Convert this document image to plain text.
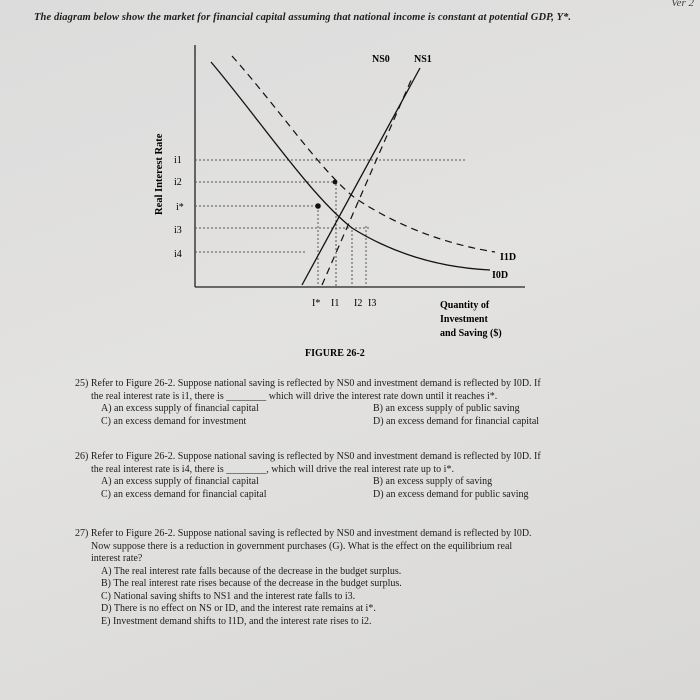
Ver 2
The diagram below show the market for financial capital assuming that national income is constant at potential GDP, Y*.
Real Interest Rate i1
i2
i*
i3
i4
I* I1 I2 I3
NS0 NS1
I1D
I0D
Quantity of
Investment
and Saving ($)
FIGURE 26-2
25) Refer to Figure 26-2. Suppose national saving is reflected by NS0 and investment demand is reflected by I0D. If
the real interest rate is i1, there is ________ which will drive the interest rate down until it reaches i*.
A) an excess supply of financial capital
C) an excess demand for investment
B) an excess supply of public saving
D) an excess demand for financial capital
26) Refer to Figure 26-2. Suppose national saving is reflected by NS0 and investment demand is reflected by I0D. If
the real interest rate is i4, there is ________, which will drive the real interest rate up to i*.
A) an excess supply of financial capital
C) an excess demand for financial capital
B) an excess supply of saving
D) an excess demand for public saving
27) Refer to Figure 26-2. Suppose national saving is reflected by NS0 and investment demand is reflected by I0D.
Now suppose there is a reduction in government purchases (G). What is the effect on the equilibrium real
interest rate?
A) The real interest rate falls because of the decrease in the budget surplus.
B) The real interest rate rises because of the decrease in the budget surplus.
C) National saving shifts to NS1 and the interest rate falls to i3.
D) There is no effect on NS or ID, and the interest rate remains at i*.
E) Investment demand shifts to I1D, and the interest rate rises to i2.
